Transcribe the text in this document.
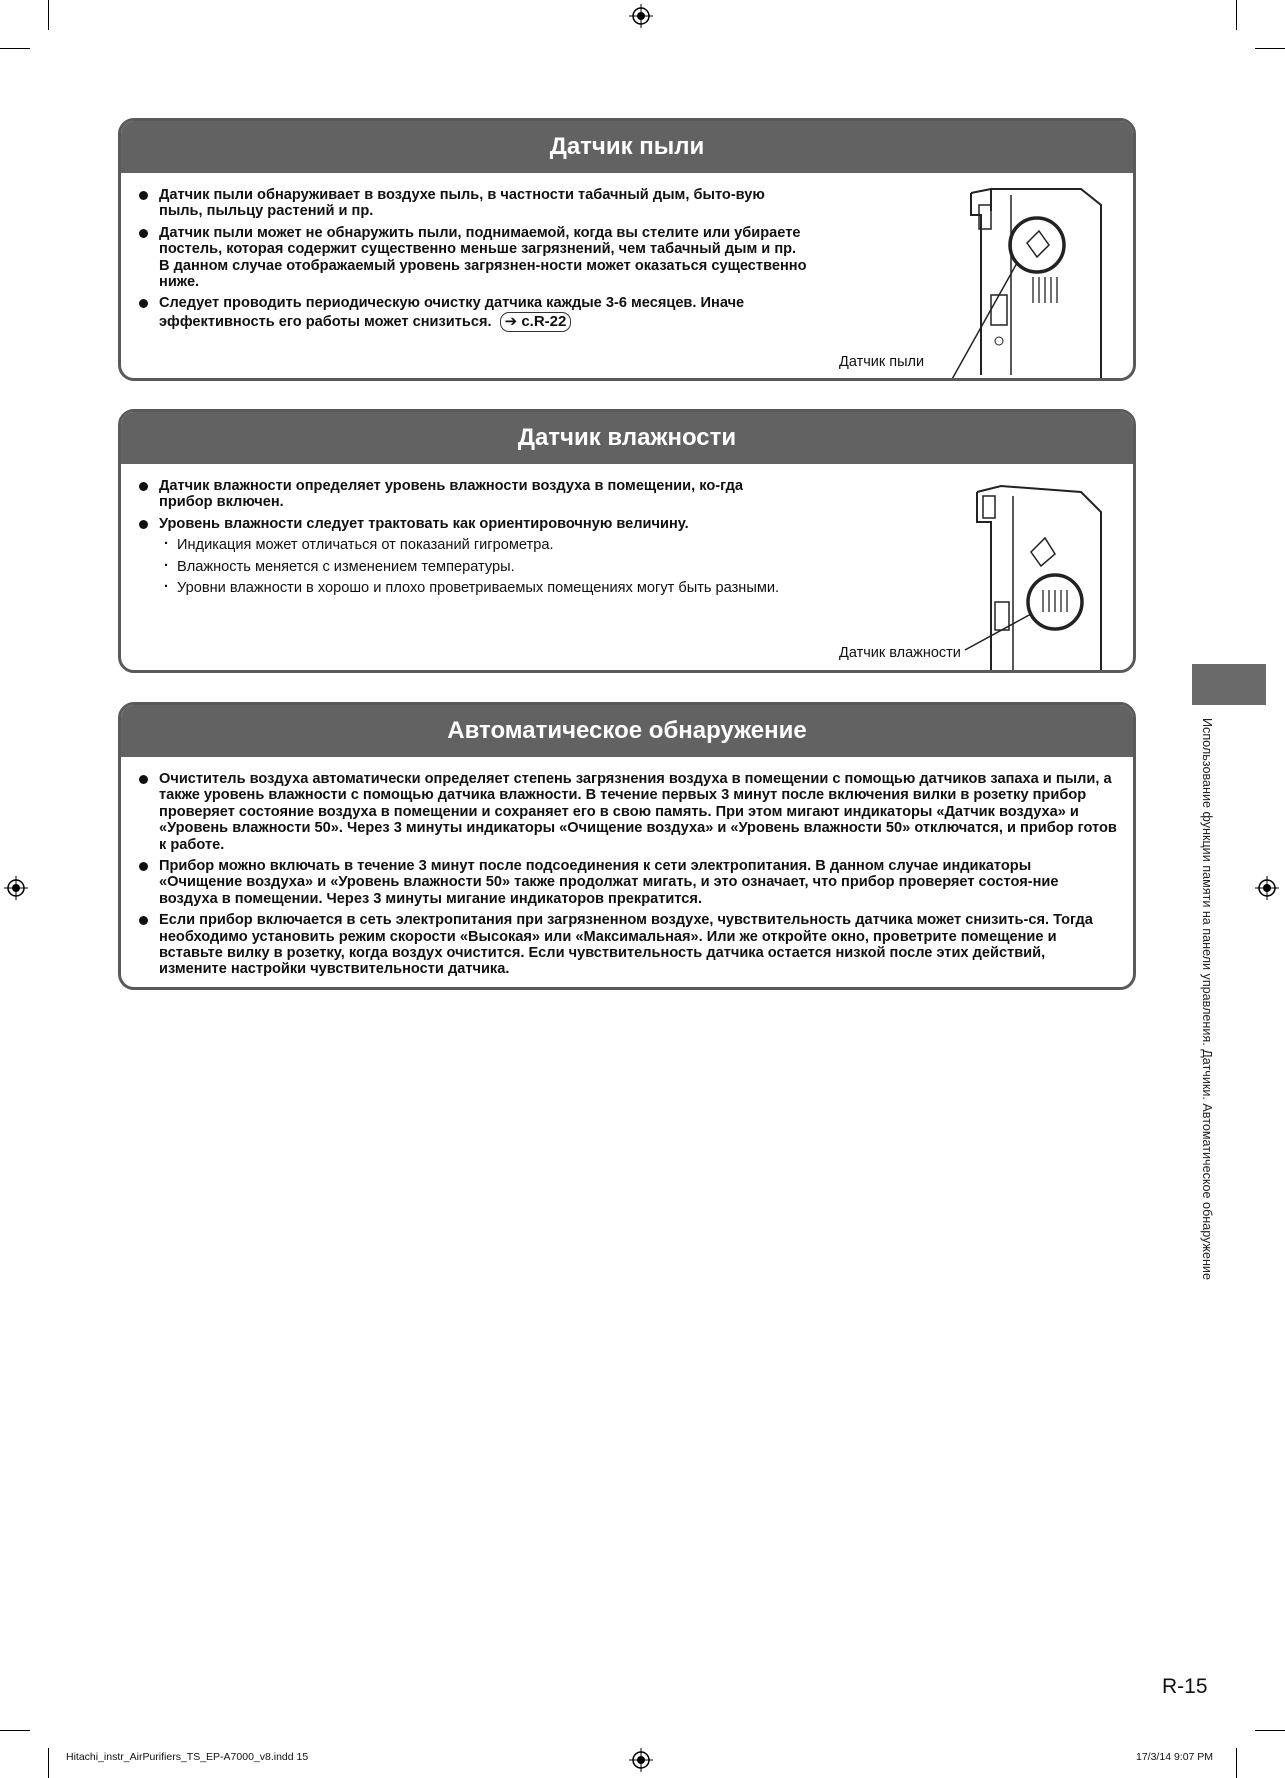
Датчик пыли
Датчик пыли обнаруживает в воздухе пыль, в частности табачный дым, быто-вую пыль, пыльцу растений и пр.
Датчик пыли может не обнаружить пыли, поднимаемой, когда вы стелите или убираете постель, которая содержит существенно меньше загрязнений, чем табачный дым и пр. В данном случае отображаемый уровень загрязнен-ности может оказаться существенно ниже.
Следует проводить периодическую очистку датчика каждые 3-6 месяцев. Иначе эффективность его работы может снизиться. ➔
с.R-22
Датчик пыли
Датчик влажности
Датчик влажности определяет уровень влажности воздуха в помещении, ко-гда прибор включен.
Уровень влажности следует трактовать как ориентировочную величину.
· Индикация может отличаться от показаний гигрометра.
· Влажность меняется с изменением температуры.
· Уровни влажности в хорошо и плохо проветриваемых помещениях могут быть разными.
Датчик влажности
Автоматическое обнаружение
Очиститель воздуха автоматически определяет степень загрязнения воздуха в помещении с помощью датчиков запаха и пыли, а также уровень влажности с помощью датчика влажности. В течение первых 3 минут после включения вилки в розетку прибор проверяет состояние воздуха в помещении и сохраняет его в свою память. При этом мигают индикаторы «Датчик воздуха» и «Уровень влажности 50». Через 3 минуты индикаторы «Очищение воздуха» и «Уровень влажности 50» отключатся, и прибор готов к работе.
Прибор можно включать в течение 3 минут после подсоединения к сети электропитания. В данном случае индикаторы «Очищение воздуха» и «Уровень влажности 50» также продолжат мигать, и это означает, что прибор проверяет состоя-ние воздуха в помещении. Через 3 минуты мигание индикаторов прекратится.
Если прибор включается в сеть электропитания при загрязненном воздухе, чувствительность датчика может снизить-ся. Тогда необходимо установить режим скорости «Высокая» или «Максимальная». Или же откройте окно, проветрите помещение и вставьте вилку в розетку, когда воздух очистится. Если чувствительность датчика остается низкой после этих действий, измените настройки чувствительности датчика.	Использование функции памяти на панели управления. Датчики. Автоматическое обнаружение
R-15
Hitachi_instr_AirPurifiers_TS_EP-A7000_v8.indd 15	17/3/14 9:07 PM
